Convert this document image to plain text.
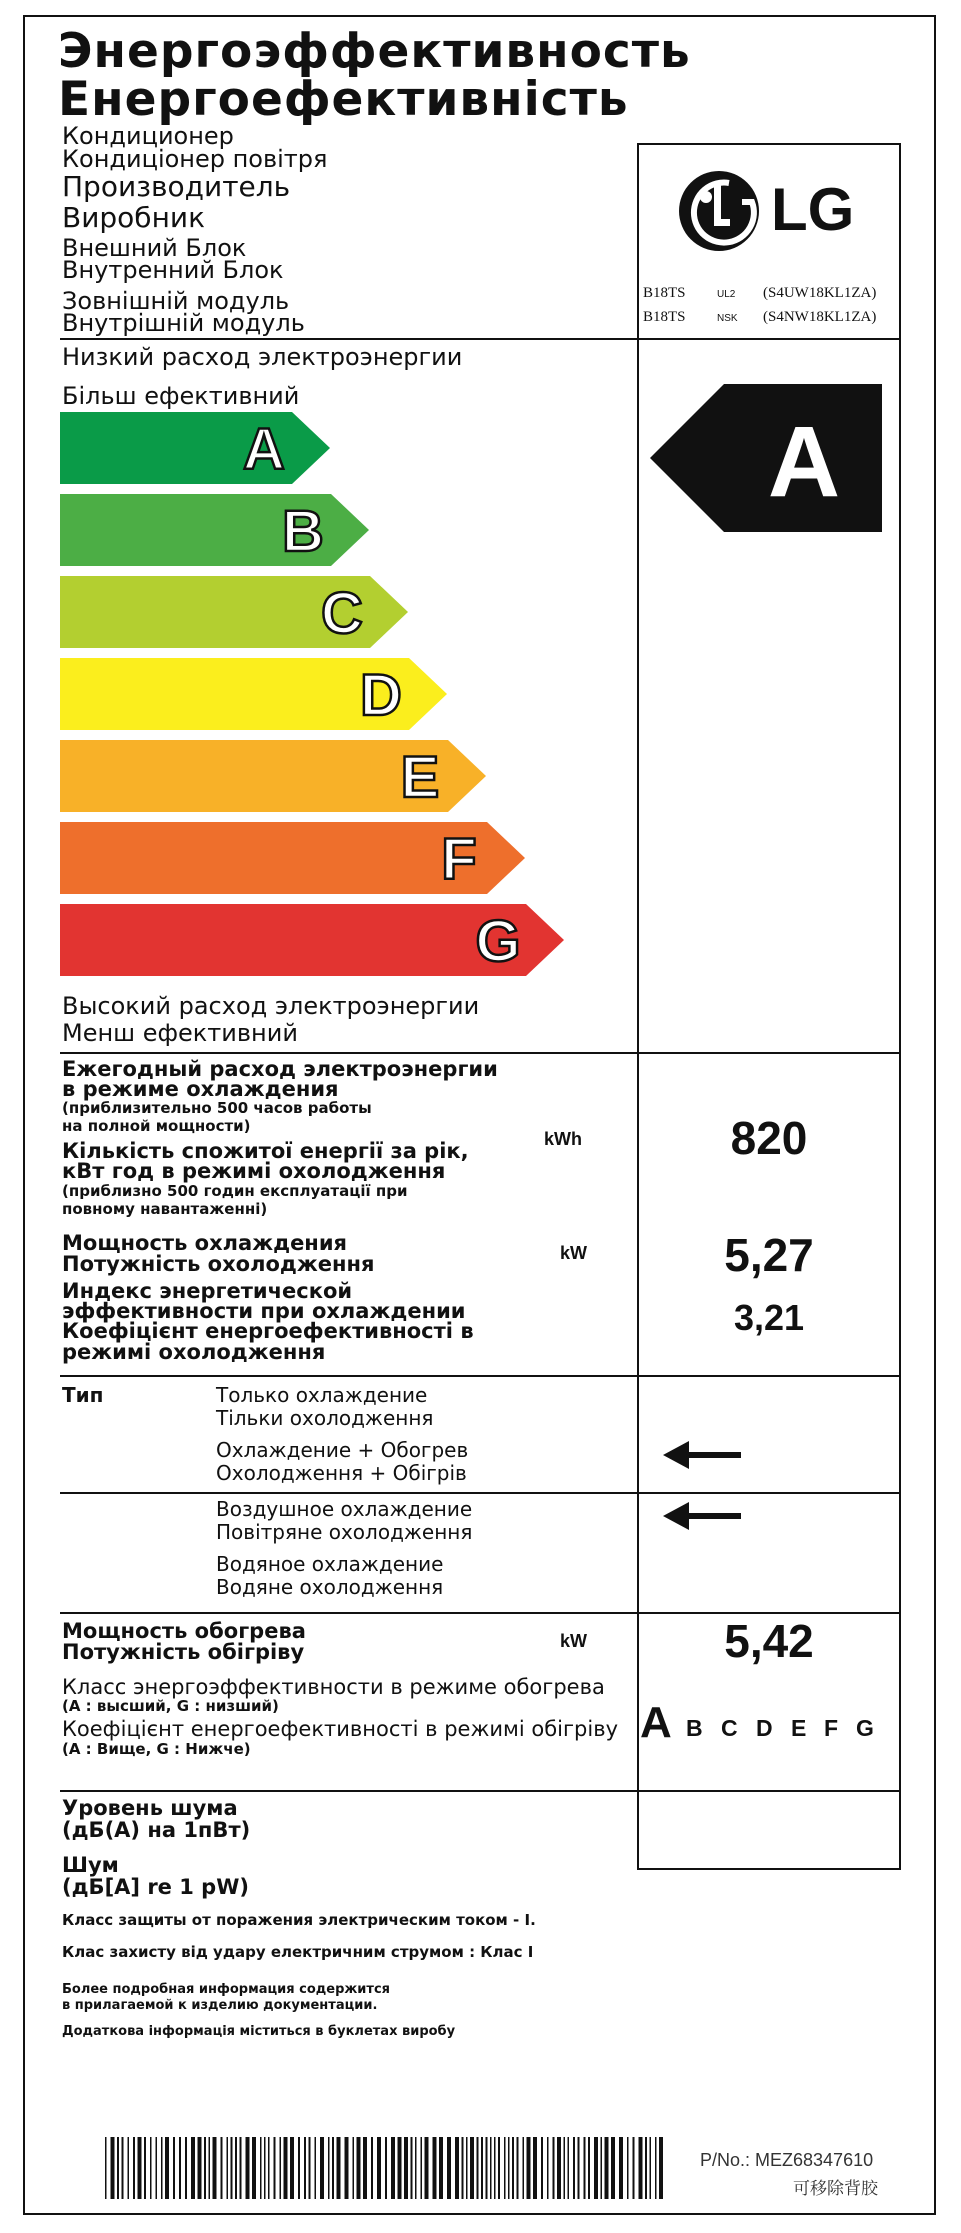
Энергоэффективность
Енергоефективність
Кондиционер
Кондиціонер повітря
Производитель
Виробник
Внешний Блок
Внутренний Блок
Зовнішній модуль
Внутрішній модуль
LG
B18TS	UL2 (S4UW18KL1ZA)
B18TS	NSK (S4NW18KL1ZA)
Низкий расход электроэнергии
Більш ефективний
A
B
C
D
E
F
G
A
Высокий расход электроэнергии
Менш ефективний
Ежегодный расход электроэнергии
в режиме охлаждения
(приблизительно 500 часов работы
на полной мощности)
Кількість спожитої енергії за рік,
кВт год в режимі охолодження
(приблизно 500 годин експлуатації при
повному навантаженні)
kWh	820
Мощность охлаждения
Потужність охолодження	kW	5,27
Индекс энергетической
эффективности при охлаждении
Коефіцієнт енергоефективності в
режимі охолодження
3,21
Тип	Только охлаждение
Тільки охолодження
Охлаждение + Обогрев
Охолодження + Обігрів
Воздушное охлаждение
Повітряне охолодження
Водяное охлаждение
Водяне охолодження
Мощность обогрева
Потужність обігріву	kW	5,42
Класс энергоэффективности в режиме обогрева
(A : высший, G : низший)
Коефіцієнт енергоефективності в режимі обігріву
(A : Вище, G : Нижче)
A B C D E F G
Уровень шума
(дБ(А) на 1пВт)
Шум
(дБ[A] re 1 pW)
Класс защиты от поражения электрическим током - I.
Клас захисту від удару електричним струмом : Клас I
Более подробная информация содержится
в прилагаемой к изделию документации.
Додаткова інформація міститься в буклетах виробу
P/No.: MEZ68347610
可移除背胶
